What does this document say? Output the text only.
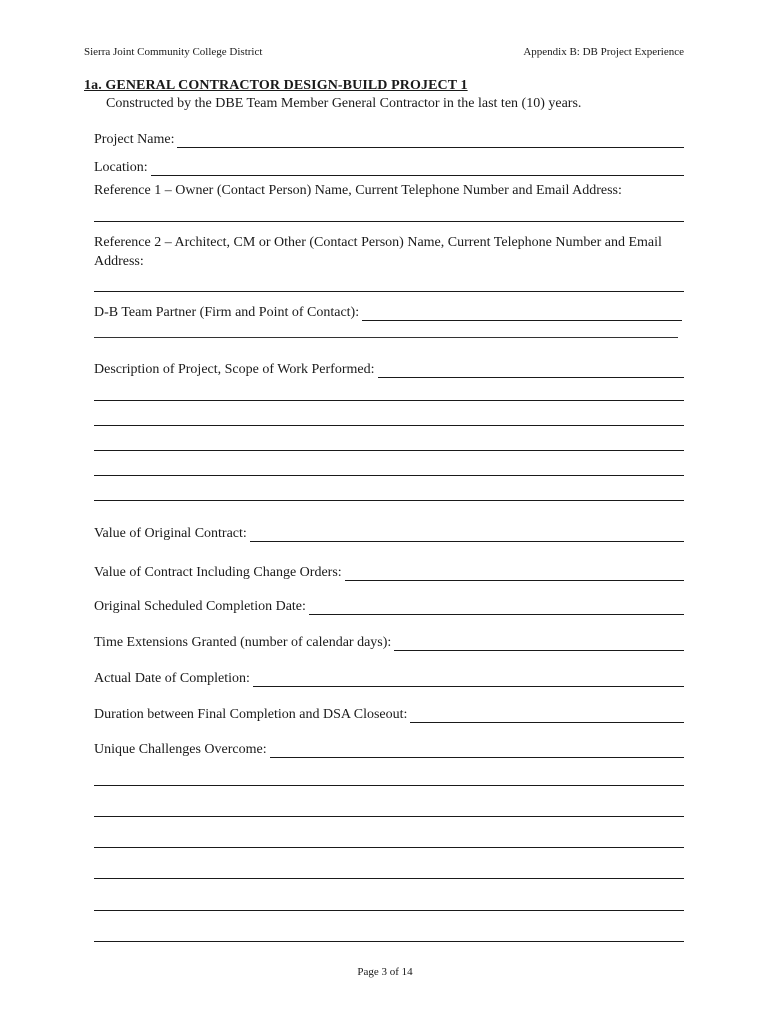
Sierra Joint Community College District	Appendix B: DB Project Experience
1a. GENERAL CONTRACTOR DESIGN-BUILD PROJECT 1
Constructed by the DBE Team Member General Contractor in the last ten (10) years.
Project Name:
Location:
Reference 1 – Owner (Contact Person) Name, Current Telephone Number and Email Address:
Reference 2 – Architect, CM or Other (Contact Person) Name, Current Telephone Number and Email Address:
D-B Team Partner (Firm and Point of Contact):
Description of Project, Scope of Work Performed:
Value of Original Contract:
Value of Contract Including Change Orders:
Original Scheduled Completion Date:
Time Extensions Granted (number of calendar days):
Actual Date of Completion:
Duration between Final Completion and DSA Closeout:
Unique Challenges Overcome:
Page 3 of 14
